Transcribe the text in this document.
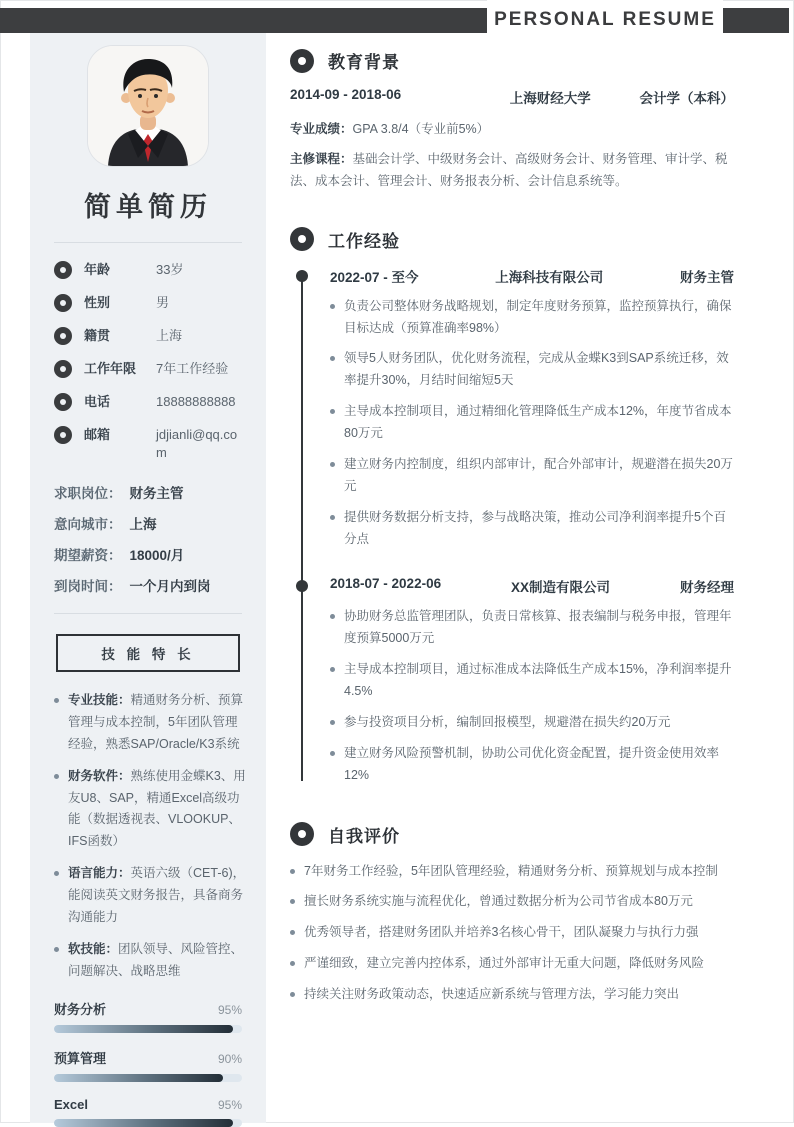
PERSONAL RESUME
简单简历
年龄	33岁
性别	男
籍贯	上海
工作年限	7年工作经验
电话	18888888888
邮箱	jdjianli@qq.com
求职岗位： 财务主管
意向城市： 上海
期望薪资： 18000/月
到岗时间： 一个月内到岗
技 能 特 长

专业技能：精通财务分析、预算管理与成本控制，5年团队管理经验，熟悉SAP/Oracle/K3系统

财务软件：熟练使用金蝶K3、用友U8、SAP，精通Excel高级功能（数据透视表、VLOOKUP、IFS函数）

语言能力：英语六级（CET-6)，能阅读英文财务报告，具备商务沟通能力

软技能：团队领导、风险管控、问题解决、战略思维

财务分析	95%
预算管理	90%
Excel	95%
教育背景
2014-09 - 2018-06	上海财经大学	会计学（本科）

专业成绩：GPA 3.8/4（专业前5%）

主修课程：基础会计学、中级财务会计、高级财务会计、财务管理、审计学、税法、成本会计、管理会计、财务报表分析、会计信息系统等。

工作经验
2022-07 - 至今	上海科技有限公司	财务主管

负责公司整体财务战略规划，制定年度财务预算，监控预算执行，确保目标达成（预算准确率98%）

领导5人财务团队，优化财务流程，完成从金蝶K3到SAP系统迁移，效率提升30%，月结时间缩短5天

主导成本控制项目，通过精细化管理降低生产成本12%，年度节省成本80万元

建立财务内控制度，组织内部审计，配合外部审计，规避潜在损失20万元

提供财务数据分析支持，参与战略决策，推动公司净利润率提升5个百分点

2018-07 - 2022-06	XX制造有限公司	财务经理

协助财务总监管理团队，负责日常核算、报表编制与税务申报，管理年度预算5000万元

主导成本控制项目，通过标准成本法降低生产成本15%，净利润率提升4.5%

参与投资项目分析，编制回报模型，规避潜在损失约20万元

建立财务风险预警机制，协助公司优化资金配置，提升资金使用效率12%

自我评价

7年财务工作经验，5年团队管理经验，精通财务分析、预算规划与成本控制

擅长财务系统实施与流程优化，曾通过数据分析为公司节省成本80万元

优秀领导者，搭建财务团队并培养3名核心骨干，团队凝聚力与执行力强

严谨细致，建立完善内控体系，通过外部审计无重大问题，降低财务风险

持续关注财务政策动态，快速适应新系统与管理方法，学习能力突出
